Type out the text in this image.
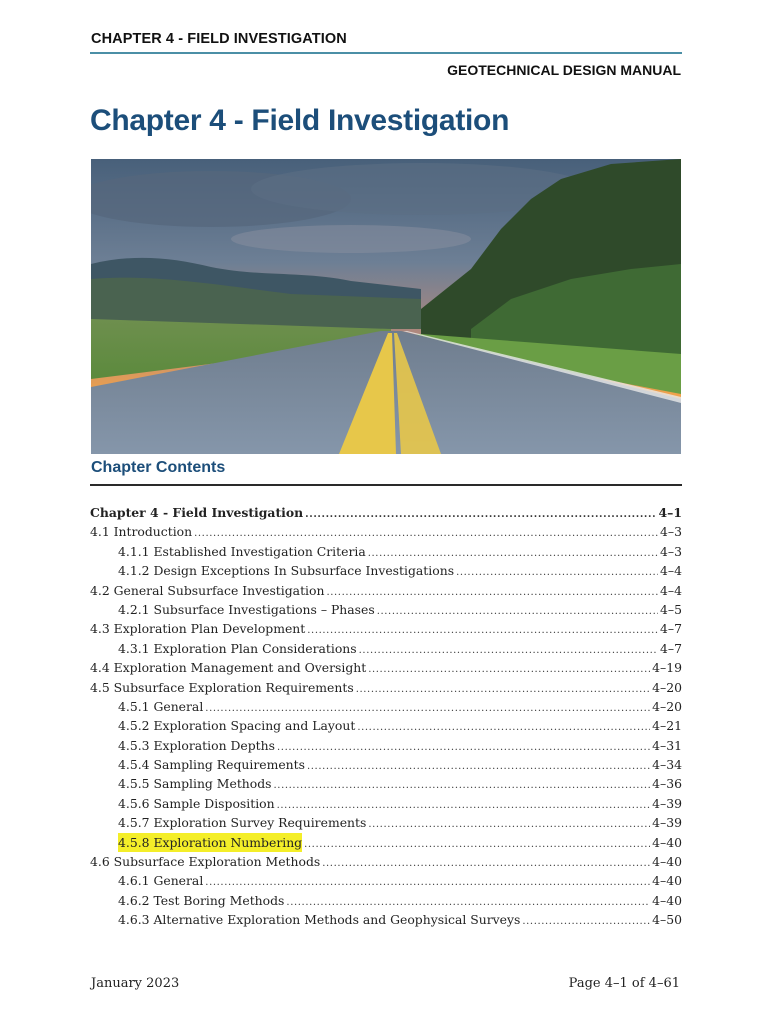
CHAPTER 4 - FIELD INVESTIGATION
GEOTECHNICAL DESIGN MANUAL
Chapter 4 - Field Investigation
Chapter Contents
Chapter 4 - Field Investigation .....	4–1
4.1 Introduction .....	4–3
4.1.1 Established Investigation Criteria .....	4–3
4.1.2 Design Exceptions In Subsurface Investigations .....	4–4
4.2 General Subsurface Investigation .....	4–4
4.2.1 Subsurface Investigations – Phases .....	4–5
4.3 Exploration Plan Development .....	4–7
4.3.1 Exploration Plan Considerations .....	4–7
4.4 Exploration Management and Oversight .....	4–19
4.5 Subsurface Exploration Requirements .....	4–20
4.5.1 General .....	4–20
4.5.2 Exploration Spacing and Layout .....	4–21
4.5.3 Exploration Depths .....	4–31
4.5.4 Sampling Requirements .....	4–34
4.5.5 Sampling Methods .....	4–36
4.5.6 Sample Disposition .....	4–39
4.5.7 Exploration Survey Requirements .....	4–39
4.5.8 Exploration Numbering .....	4–40
4.6 Subsurface Exploration Methods .....	4–40
4.6.1 General .....	4–40
4.6.2 Test Boring Methods .....	4–40
4.6.3 Alternative Exploration Methods and Geophysical Surveys .....	4–50
January 2023	Page 4–1 of 4–61
